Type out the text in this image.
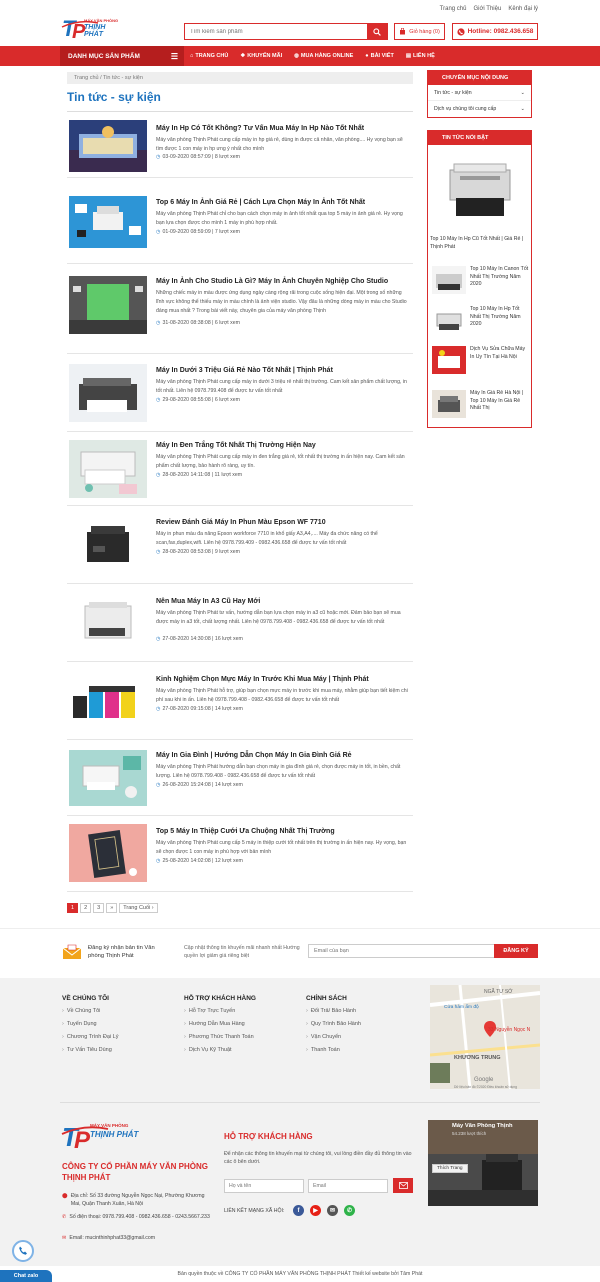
Trang chủ Giới Thiệu Kênh đại lý
T
P
MÁY VĂN PHÒNG
THỊNH PHÁT
Tìm kiếm sản phẩm	Giỏ hàng (0)	Hotline: 0982.436.658
DANH MỤC SẢN PHẨM	☰ ⌂ TRANG CHỦ ❖ KHUYẾN MÃI ◍ MUA HÀNG ONLINE ● BÀI VIẾT ▤ LIÊN HỆ
Trang chủ / Tin tức - sự kiện
Tin tức - sự kiện
Máy In Hp Có Tốt Không? Tư Vấn Mua Máy In Hp Nào Tốt Nhất
Máy văn phòng Thịnh Phát cung cấp máy in hp giá rẻ, dùng in được cả nhân, văn phòng.... Hy vọng bạn sẽ tìm được 1 con máy in hp ưng ý nhất cho mình
◷ 03-09-2020 08:57:09 | 8 lượt xem
Top 6 Máy In Ảnh Giá Rẻ | Cách Lựa Chọn Máy In Ảnh Tốt Nhất
Máy văn phòng Thịnh Phát chỉ cho bạn cách chọn máy in ảnh tốt nhất qua top 5 máy in ảnh giá rẻ. Hy vọng bạn lựa chọn được cho mình 1 máy in phù hợp nhất.
◷ 01-09-2020 08:59:09 | 7 lượt xem
Máy In Ảnh Cho Studio Là Gì? Máy In Ảnh Chuyên Nghiệp Cho Studio
Những chiếc máy in màu được ứng dụng ngày càng rộng rãi trong cuộc sống hiện đại. Một trong số những lĩnh vực không thể thiếu máy in màu chính là ảnh viện studio. Vậy đâu là những dòng máy in màu cho Studio đáng mua nhất ? Trong bài viết này, chuyên gia của máy văn phòng Thịnh
◷ 31-08-2020 08:38:08 | 6 lượt xem
Máy In Dưới 3 Triệu Giá Rẻ Nào Tốt Nhất | Thịnh Phát
Máy văn phòng Thịnh Phát cung cấp máy in dưới 3 triệu rẻ nhất thị trường. Cam kết sản phẩm chất lượng, in tốt nhất. Liên hệ 0978.799.408 để được tư vấn tốt nhất
◷ 29-08-2020 08:55:08 | 6 lượt xem
Máy In Đen Trắng Tốt Nhất Thị Trường Hiện Nay
Máy văn phòng Thịnh Phát cung cấp máy in đen trắng giá rẻ, tốt nhất thị trường in ấn hiện nay. Cam kết sản phẩm chất lượng, bảo hành rõ ràng, uy tín.
◷ 28-08-2020 14:11:08 | 11 lượt xem
Review Đánh Giá Máy In Phun Màu Epson WF 7710
Máy in phun màu đa năng Epson workforce 7710 in khổ giấy A3,A4,.... Máy đa chức năng có thể scan,fax,duplex,wifi. Liên hệ 0978.799.409 - 0982.436.658 để được tư vấn tốt nhất
◷ 28-08-2020 08:53:08 | 9 lượt xem
Nên Mua Máy In A3 Cũ Hay Mới
Máy văn phòng Thịnh Phát tư vấn, hướng dẫn bạn lựa chọn máy in a3 cũ hoặc mới. Đảm bảo bạn sẽ mua được máy in a3 tốt, chất lượng nhất. Liên hệ 0978.799.408 - 0982.436.658 để được tư vấn tốt nhất
◷ 27-08-2020 14:30:08 | 16 lượt xem
Kinh Nghiệm Chọn Mực Máy In Trước Khi Mua Máy | Thịnh Phát
Máy văn phòng Thịnh Phát hỗ trợ, giúp bạn chọn mực máy in trước khi mua máy, nhằm giúp bạn tiết kiệm chi phí sau khi in ấn. Liên hệ 0978.799.408 - 0982.436.658 để được tư vấn tốt nhất
◷ 27-08-2020 09:15:08 | 14 lượt xem
Máy In Gia Đình | Hướng Dẫn Chọn Máy In Gia Đình Giá Rẻ
Máy văn phòng Thịnh Phát hướng dẫn bạn chọn máy in gia đình giá rẻ, chọn được máy in tốt, in bền, chất lượng. Liên hệ 0978.799.408 - 0982.436.658 để được tư vấn tốt nhất
◷ 26-08-2020 15:24:08 | 14 lượt xem
Top 5 Máy In Thiệp Cưới Ưa Chuộng Nhất Thị Trường
Máy văn phòng Thịnh Phát cung cấp 5 máy in thiệp cưới tốt nhất trên thị trường in ấn hiện nay. Hy vọng, bạn sẽ chọn được 1 con máy in phù hợp với bản mình
◷ 25-08-2020 14:02:08 | 12 lượt xem
1	2	3	»	Trang Cuối ›
CHUYÊN MỤC NỘI DUNG
Tin tức - sự kiện	⌄
Dịch vụ chúng tôi cung cấp	⌄
TIN TỨC NỔI BẬT
Top 10 Máy In Hp Cũ Tốt Nhất | Giá Rẻ | Thịnh Phát
Top 10 Máy In Canon Tốt Nhất Thị Trường Năm 2020
Top 10 Máy In Hp Tốt Nhất Thị Trường Năm 2020
Dịch Vụ Sửa Chữa Máy In Uy Tín Tại Hà Nội
Máy In Giá Rẻ Hà Nội | Top 10 Máy In Giá Rẻ Nhất Thị
Đăng ký nhận bản tin Văn phòng Thịnh Phát
Cập nhật thông tin khuyến mãi nhanh nhất Hướng quyền lợi giảm giá riêng biệt
Email của bạn
ĐĂNG KÝ
VỀ CHÚNG TÔI
› Về Chúng Tôi
› Tuyển Dụng
› Chương Trình Đại Lý
› Tư Vấn Tiêu Dùng
HỖ TRỢ KHÁCH HÀNG
› Hỗ Trợ Trực Tuyến
› Hướng Dẫn Mua Hàng
› Phương Thức Thanh Toán
› Dịch Vụ Kỹ Thuật
CHÍNH SÁCH
› Đổi Trả/ Bảo Hành
› Quy Trình Bảo Hành
› Vận Chuyển
› Thanh Toán
NGÃ TƯ SỞ
Cửa hàm ẩm độ
33 Nguyễn Ngọc N
KHƯƠNG TRUNG
Google
Dữ liệu bản đồ ©2020 Điều khoản sử dụng
T
P
MÁY VĂN PHÒNG
THỊNH PHÁT
CÔNG TY CỔ PHẦN MÁY VĂN PHÒNG THỊNH PHÁT
⬤ Địa chỉ: Số 33 đường Nguyễn Ngọc Nại, Phường Khương Mai, Quận Thanh Xuân, Hà Nội
✆ Số điện thoại: 0978.799.408 - 0982.436.658 - 0243.5667.233
✉ Email: mucinthinhphat33@gmail.com
HỖ TRỢ KHÁCH HÀNG
Để nhận các thông tin khuyến mại từ chúng tôi, vui lòng điền đầy đủ thông tin vào các ô bên dưới.
Họ và tên
Email
LIÊN KẾT MẠNG XÃ HỘI:	f	▶	✉	✆
Máy Văn Phòng Thịnh
54.238 lượt thích
Thích Trang
Bản quyền thuộc về CÔNG TY CỔ PHẦN MÁY VĂN PHÒNG THỊNH PHÁT Thiết kế website bởi Tâm Phát
Chat zalo
